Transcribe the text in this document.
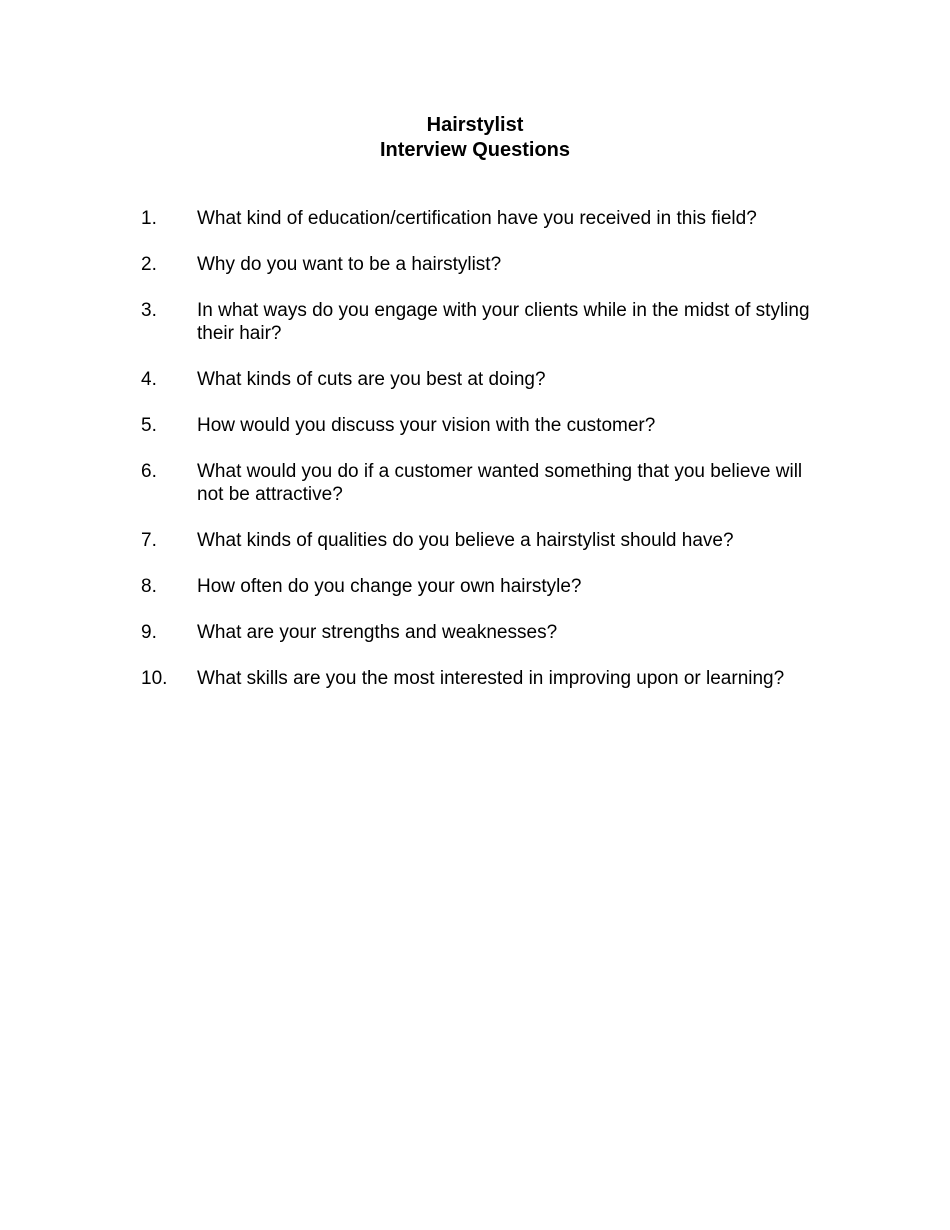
Hairstylist
Interview Questions
1.	What kind of education/certification have you received in this field?
2.	Why do you want to be a hairstylist?
3.	In what ways do you engage with your clients while in the midst of styling their hair?
4.	What kinds of cuts are you best at doing?
5.	How would you discuss your vision with the customer?
6.	What would you do if a customer wanted something that you believe will not be attractive?
7.	What kinds of qualities do you believe a hairstylist should have?
8.	How often do you change your own hairstyle?
9.	What are your strengths and weaknesses?
10.	What skills are you the most interested in improving upon or learning?
